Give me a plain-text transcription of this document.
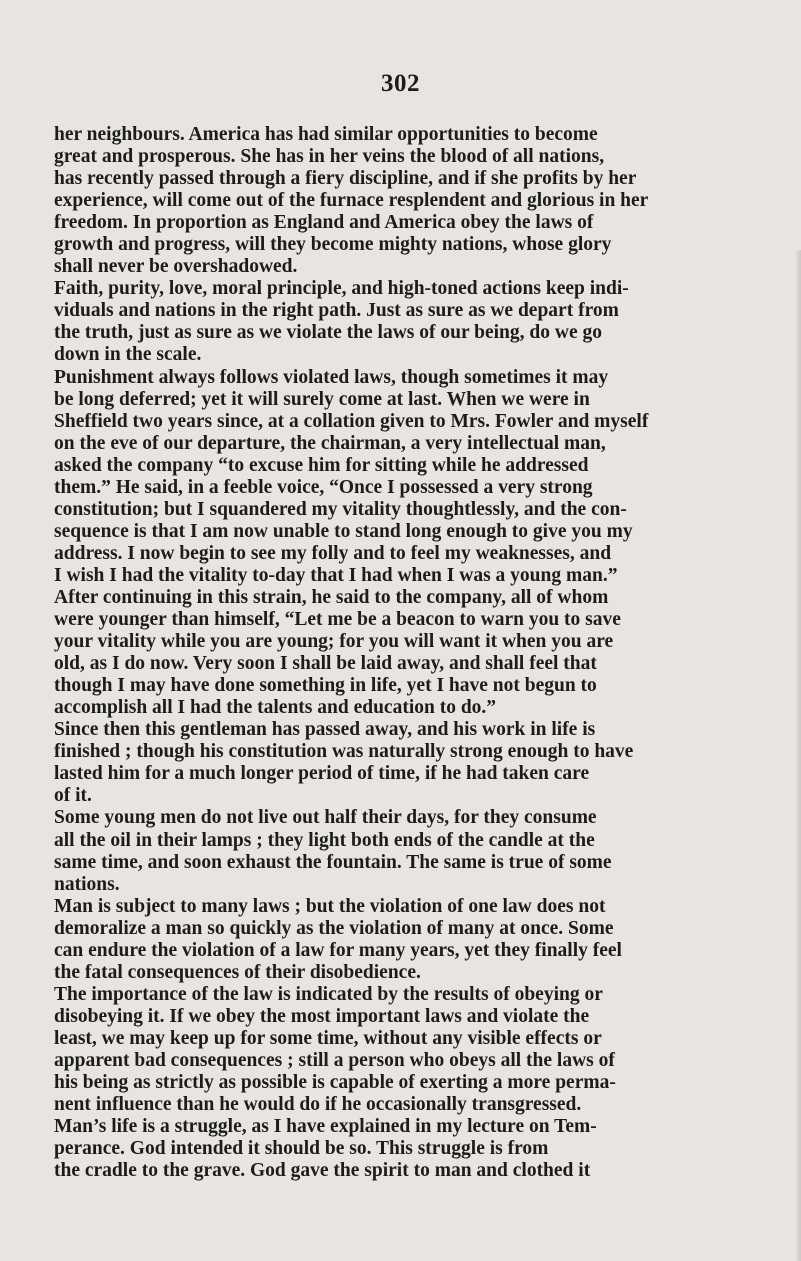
302
her neighbours. America has had similar opportunities to become
great and prosperous. She has in her veins the blood of all nations,
has recently passed through a fiery discipline, and if she profits by her
experience, will come out of the furnace resplendent and glorious in her
freedom. In proportion as England and America obey the laws of
growth and progress, will they become mighty nations, whose glory
shall never be overshadowed.
Faith, purity, love, moral principle, and high-toned actions keep indi-
viduals and nations in the right path. Just as sure as we depart from
the truth, just as sure as we violate the laws of our being, do we go
down in the scale.
Punishment always follows violated laws, though sometimes it may
be long deferred; yet it will surely come at last. When we were in
Sheffield two years since, at a collation given to Mrs. Fowler and myself
on the eve of our departure, the chairman, a very intellectual man,
asked the company “to excuse him for sitting while he addressed
them.” He said, in a feeble voice, “Once I possessed a very strong
constitution; but I squandered my vitality thoughtlessly, and the con-
sequence is that I am now unable to stand long enough to give you my
address. I now begin to see my folly and to feel my weaknesses, and
I wish I had the vitality to-day that I had when I was a young man.”
After continuing in this strain, he said to the company, all of whom
were younger than himself, “Let me be a beacon to warn you to save
your vitality while you are young; for you will want it when you are
old, as I do now. Very soon I shall be laid away, and shall feel that
though I may have done something in life, yet I have not begun to
accomplish all I had the talents and education to do.”
Since then this gentleman has passed away, and his work in life is
finished ; though his constitution was naturally strong enough to have
lasted him for a much longer period of time, if he had taken care
of it.
Some young men do not live out half their days, for they consume
all the oil in their lamps ; they light both ends of the candle at the
same time, and soon exhaust the fountain. The same is true of some
nations.
Man is subject to many laws ; but the violation of one law does not
demoralize a man so quickly as the violation of many at once. Some
can endure the violation of a law for many years, yet they finally feel
the fatal consequences of their disobedience.
The importance of the law is indicated by the results of obeying or
disobeying it. If we obey the most important laws and violate the
least, we may keep up for some time, without any visible effects or
apparent bad consequences ; still a person who obeys all the laws of
his being as strictly as possible is capable of exerting a more perma-
nent influence than he would do if he occasionally transgressed.
Man’s life is a struggle, as I have explained in my lecture on Tem-
perance. God intended it should be so. This struggle is from
the cradle to the grave. God gave the spirit to man and clothed it
